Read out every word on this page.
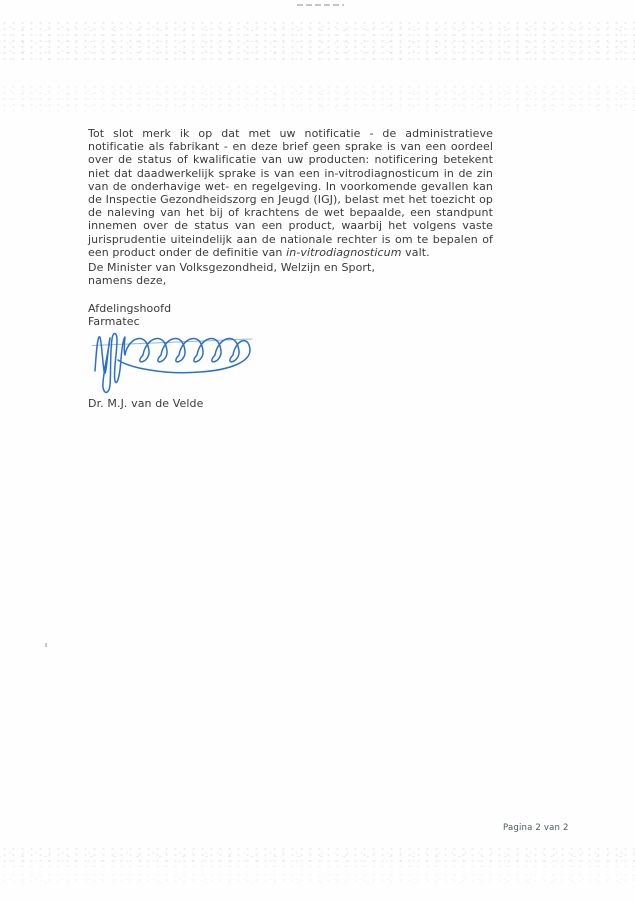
Tot slot merk ik op dat met uw notificatie - de administratieve notificatie als fabrikant - en deze brief geen sprake is van een oordeel over de status of kwalificatie van uw producten: notificering betekent niet dat daadwerkelijk sprake is van een in-vitrodiagnosticum in de zin van de onderhavige wet- en regelgeving. In voorkomende gevallen kan de Inspectie Gezondheidszorg en Jeugd (IGJ), belast met het toezicht op de naleving van het bij of krachtens de wet bepaalde, een standpunt innemen over de status van een product, waarbij het volgens vaste jurisprudentie uiteindelijk aan de nationale rechter is om te bepalen of een product onder de definitie van in-vitrodiagnosticum valt.

De Minister van Volksgezondheid, Welzijn en Sport,
namens deze,
Afdelingshoofd
Farmatec
Dr. M.J. van de Velde
Pagina 2 van 2
